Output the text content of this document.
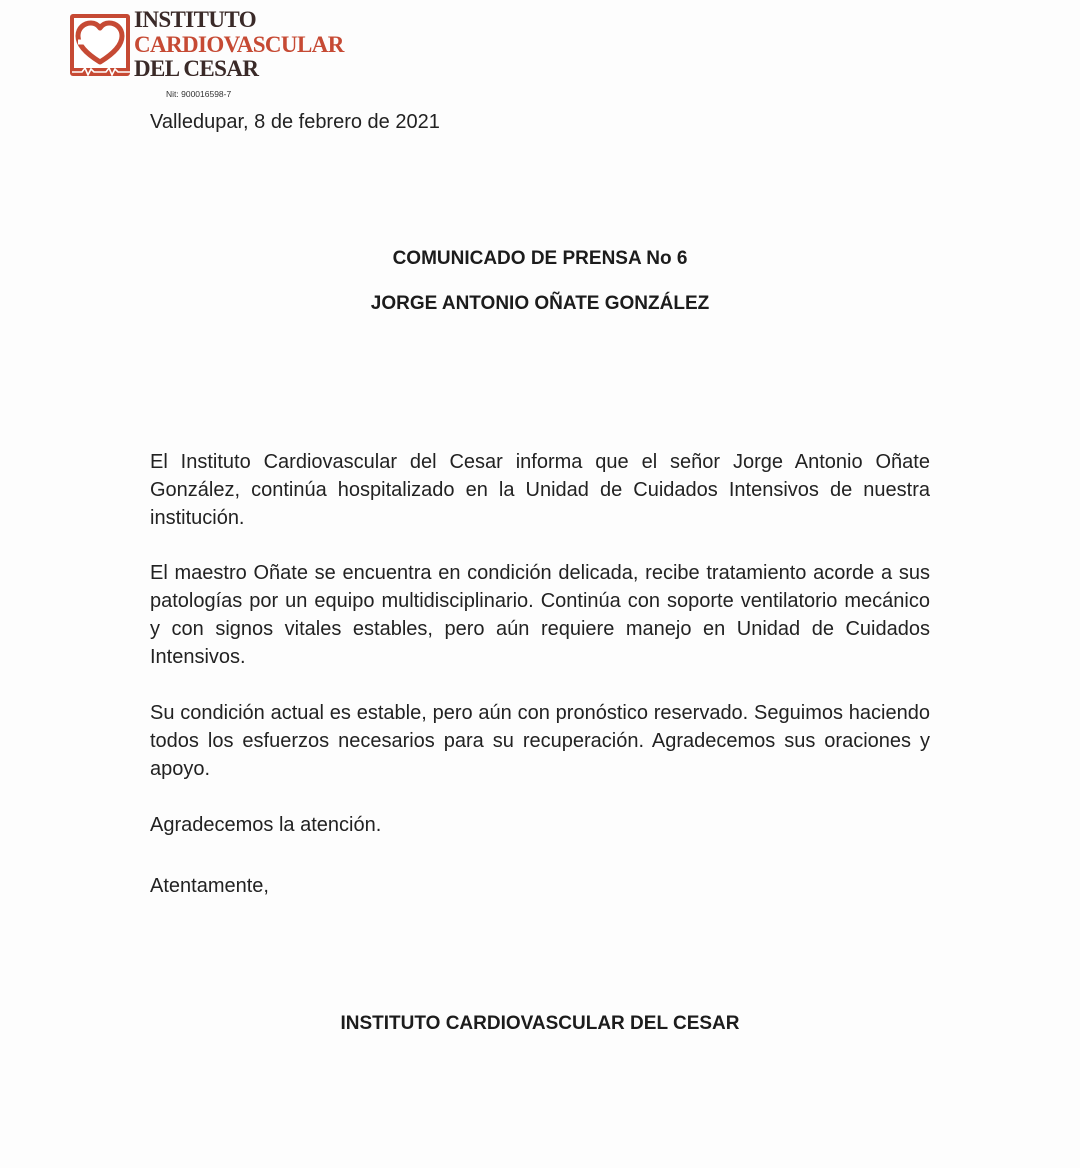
INSTITUTO
CARDIOVASCULAR
DEL CESAR
Nit: 900016598-7
Valledupar, 8 de febrero de 2021
COMUNICADO DE PRENSA No 6
JORGE ANTONIO OÑATE GONZÁLEZ

El Instituto Cardiovascular del Cesar informa que el señor Jorge Antonio Oñate González, continúa hospitalizado en la Unidad de Cuidados Intensivos de nuestra institución.

El maestro Oñate se encuentra en condición delicada, recibe tratamiento acorde a sus patologías por un equipo multidisciplinario. Continúa con soporte ventilatorio mecánico y con signos vitales estables, pero aún requiere manejo en Unidad de Cuidados Intensivos.

Su condición actual es estable, pero aún con pronóstico reservado. Seguimos haciendo todos los esfuerzos necesarios para su recuperación. Agradecemos sus oraciones y apoyo.

Agradecemos la atención.

Atentamente,
INSTITUTO CARDIOVASCULAR DEL CESAR
